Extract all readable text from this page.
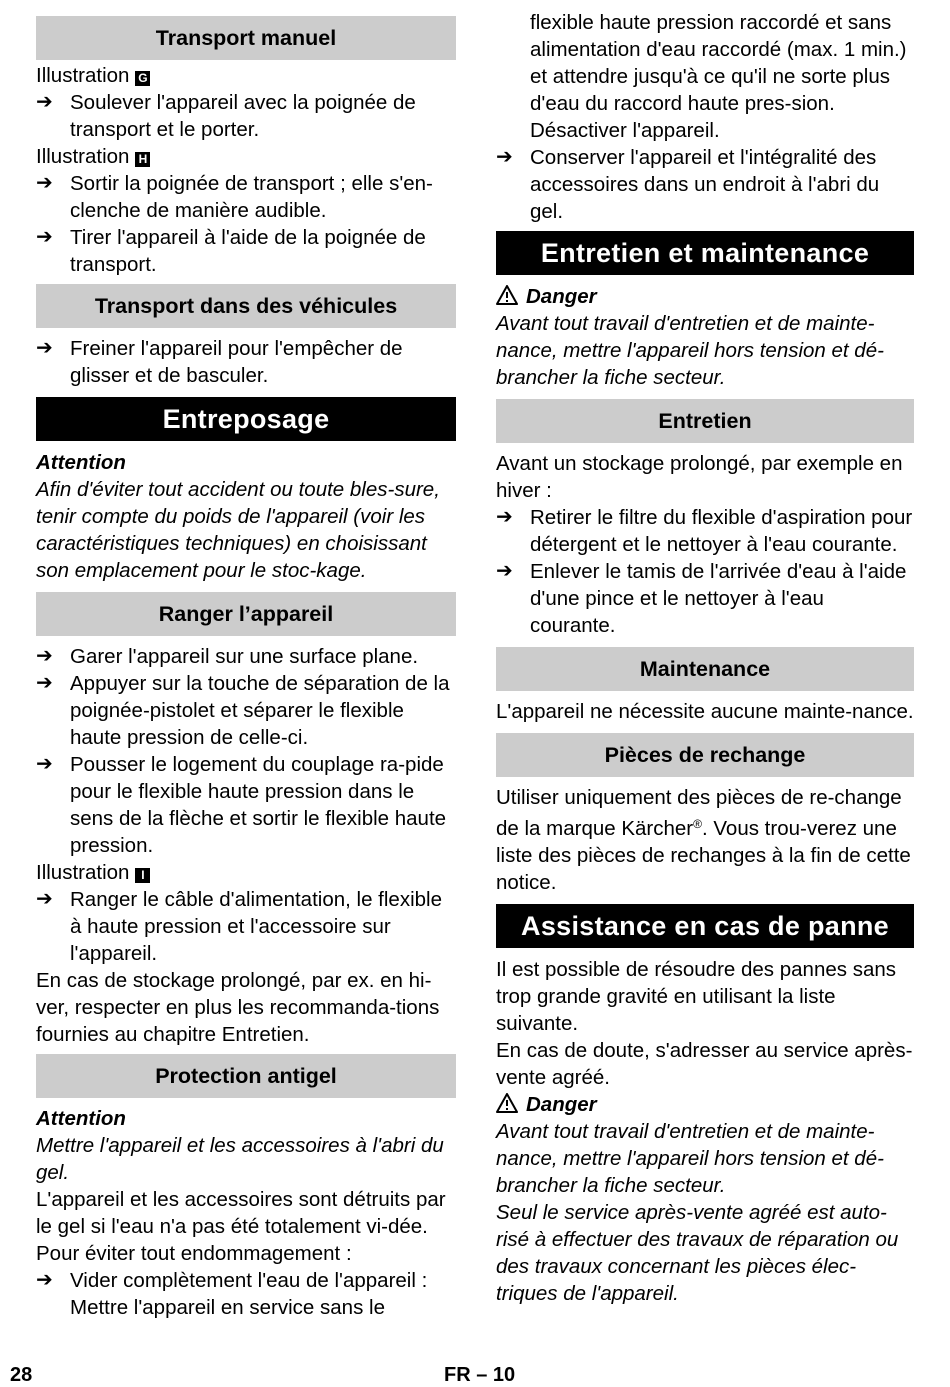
Transport manuel

Illustration G

➔ Soulever l'appareil avec la poignée de transport et le porter.

Illustration H

➔ Sortir la poignée de transport ; elle s'en-clenche de manière audible.
➔ Tirer l'appareil à l'aide de la poignée de transport.
Transport dans des véhicules
➔ Freiner l'appareil pour l'empêcher de glisser et de basculer.
Entreposage

Attention

Afin d'éviter tout accident ou toute bles-sure, tenir compte du poids de l'appareil (voir les caractéristiques techniques) en choisissant son emplacement pour le stoc-kage.

Ranger l’appareil
➔ Garer l'appareil sur une surface plane.
➔ Appuyer sur la touche de séparation de la poignée-pistolet et séparer le flexible haute pression de celle-ci.
➔ Pousser le logement du couplage ra-pide pour le flexible haute pression dans le sens de la flèche et sortir le flexible haute pression.

Illustration I

➔ Ranger le câble d'alimentation, le flexible à haute pression et l'accessoire sur l'appareil.

En cas de stockage prolongé, par ex. en hi-ver, respecter en plus les recommanda-tions fournies au chapitre Entretien.

Protection antigel

Attention

Mettre l'appareil et les accessoires à l'abri du gel.

L'appareil et les accessoires sont détruits par le gel si l'eau n'a pas été totalement vi-dée. Pour éviter tout endommagement :

➔ Vider complètement l'eau de l'appareil : Mettre l'appareil en service sans le
flexible haute pression raccordé et sans alimentation d'eau raccordé (max. 1 min.) et attendre jusqu'à ce qu'il ne sorte plus d'eau du raccord haute pres-sion. Désactiver l'appareil.
➔ Conserver l'appareil et l'intégralité des accessoires dans un endroit à l'abri du gel.
Entretien et maintenance

Danger

Avant tout travail d'entretien et de mainte-nance, mettre l'appareil hors tension et dé-brancher la fiche secteur.

Entretien

Avant un stockage prolongé, par exemple en hiver :

➔ Retirer le filtre du flexible d'aspiration pour détergent et le nettoyer à l'eau courante.
➔ Enlever le tamis de l'arrivée d'eau à l'aide d'une pince et le nettoyer à l'eau courante.
Maintenance

L'appareil ne nécessite aucune mainte-nance.

Pièces de rechange

Utiliser uniquement des pièces de re-change de la marque Kärcher®. Vous trou-verez une liste des pièces de rechanges à la fin de cette notice.

Assistance en cas de panne

Il est possible de résoudre des pannes sans trop grande gravité en utilisant la liste suivante.

En cas de doute, s'adresser au service après-vente agréé.

Danger

Avant tout travail d'entretien et de mainte-nance, mettre l'appareil hors tension et dé-brancher la fiche secteur.

Seul le service après-vente agréé est auto-risé à effectuer des travaux de réparation ou des travaux concernant les pièces élec-triques de l'appareil.

28	FR – 10
